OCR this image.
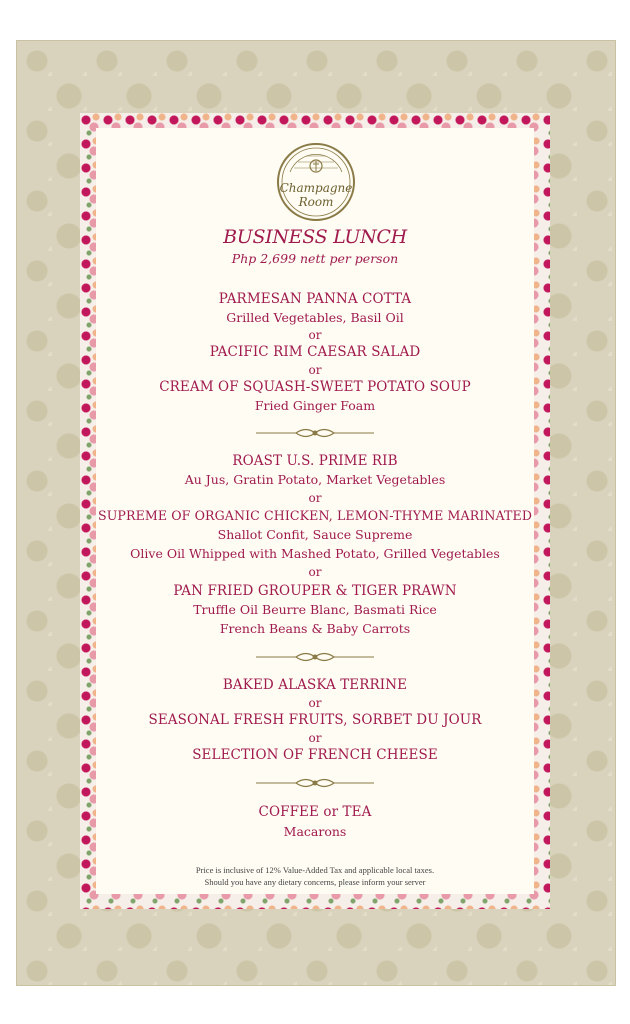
Champagne
Room
BUSINESS LUNCH
Php 2,699 nett per person
PARMESAN PANNA COTTA
Grilled Vegetables, Basil Oil
or
PACIFIC RIM CAESAR SALAD
or
CREAM OF SQUASH-SWEET POTATO SOUP
Fried Ginger Foam
ROAST U.S. PRIME RIB
Au Jus, Gratin Potato, Market Vegetables
or
SUPREME OF ORGANIC CHICKEN, LEMON-THYME MARINATED
Shallot Confit, Sauce Supreme
Olive Oil Whipped with Mashed Potato, Grilled Vegetables
or
PAN FRIED GROUPER & TIGER PRAWN
Truffle Oil Beurre Blanc, Basmati Rice
French Beans & Baby Carrots
BAKED ALASKA TERRINE
or
SEASONAL FRESH FRUITS, SORBET DU JOUR
or
SELECTION OF FRENCH CHEESE
COFFEE or TEA
Macarons
Price is inclusive of 12% Value-Added Tax and applicable local taxes.
Should you have any dietary concerns, please inform your server
